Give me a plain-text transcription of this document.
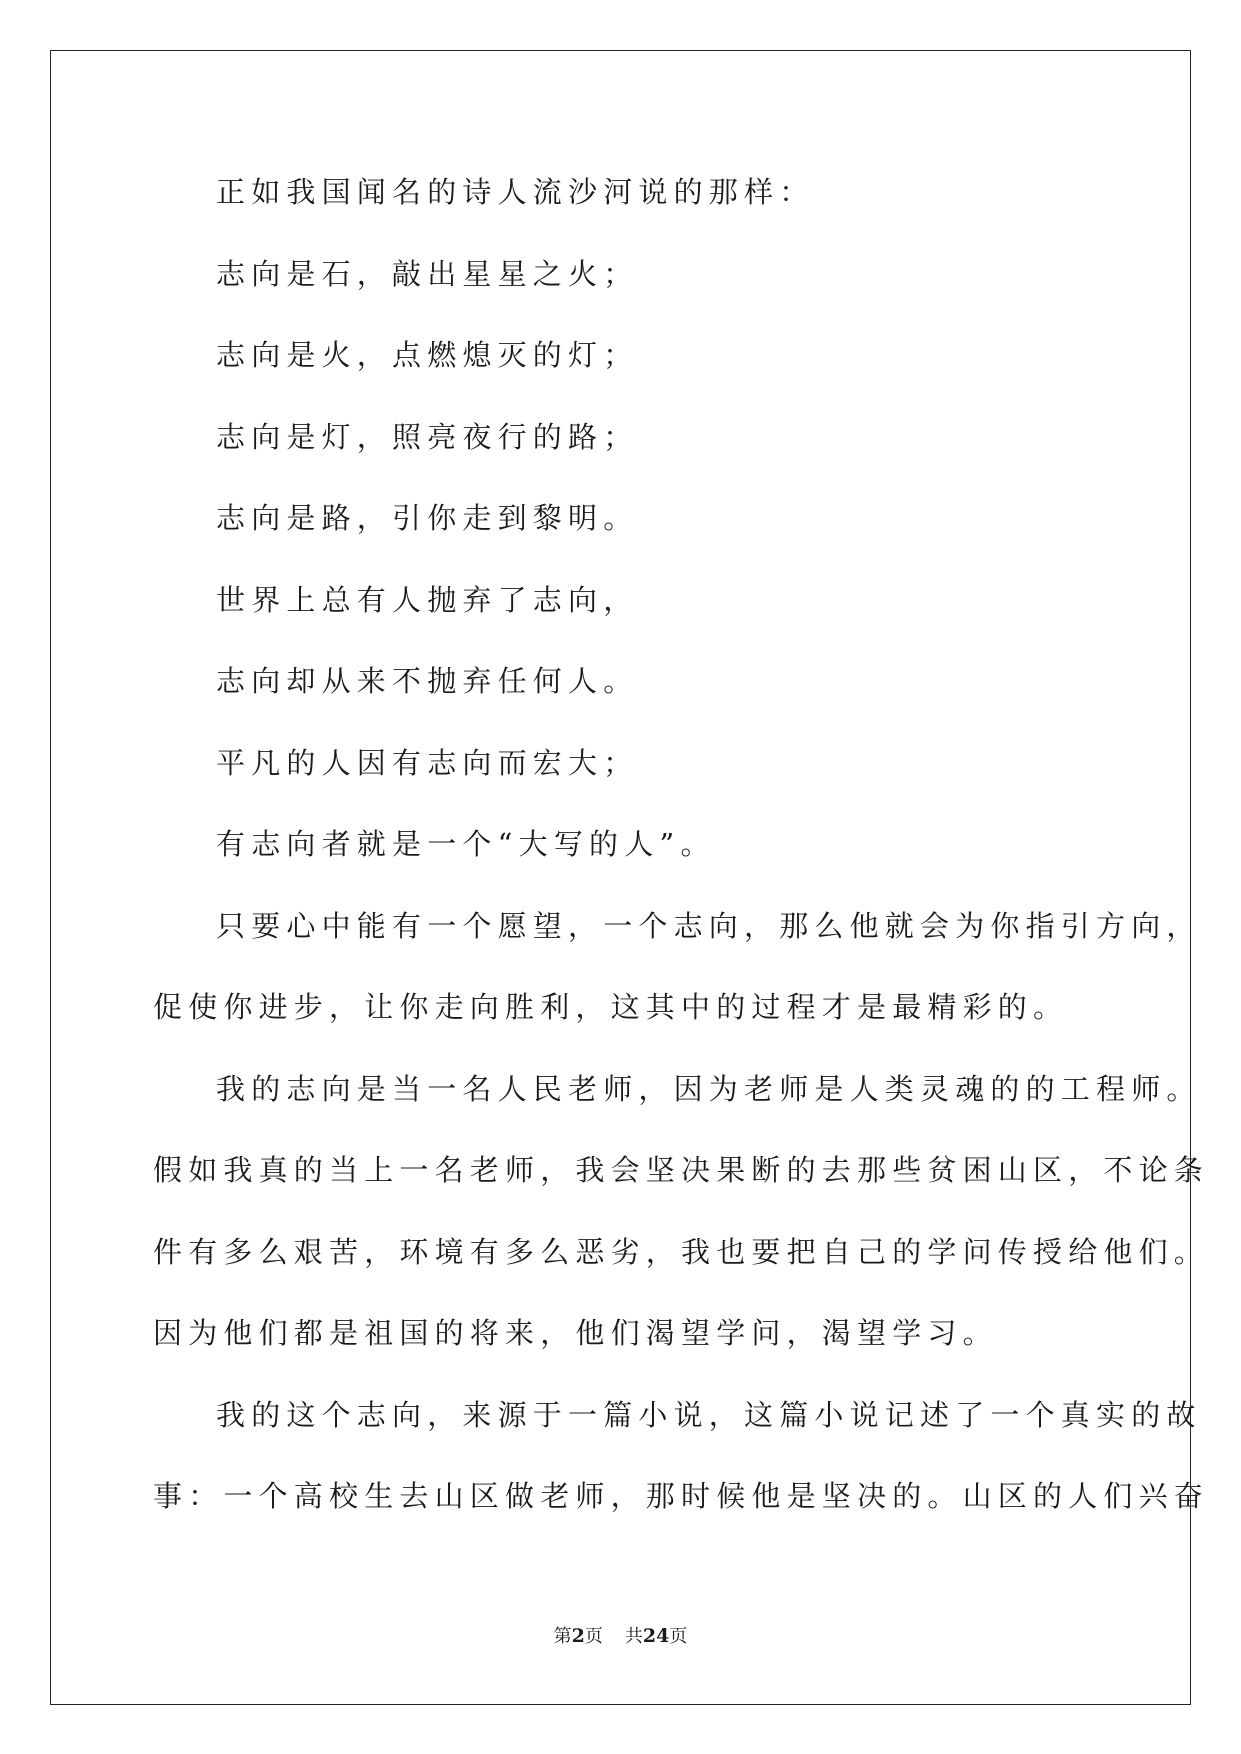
正如我国闻名的诗人流沙河说的那样：
志向是石，敲出星星之火；
志向是火，点燃熄灭的灯；
志向是灯，照亮夜行的路；
志向是路，引你走到黎明。
世界上总有人抛弃了志向，
志向却从来不抛弃任何人。
平凡的人因有志向而宏大；
有志向者就是一个“大写的人”。
只要心中能有一个愿望，一个志向，那么他就会为你指引方向，
促使你进步，让你走向胜利，这其中的过程才是最精彩的。
我的志向是当一名人民老师，因为老师是人类灵魂的的工程师。
假如我真的当上一名老师，我会坚决果断的去那些贫困山区，不论条
件有多么艰苦，环境有多么恶劣，我也要把自己的学问传授给他们。
因为他们都是祖国的将来，他们渴望学问，渴望学习。
我的这个志向，来源于一篇小说，这篇小说记述了一个真实的故
事：一个高校生去山区做老师，那时候他是坚决的。山区的人们兴奋
第2页 共24页
